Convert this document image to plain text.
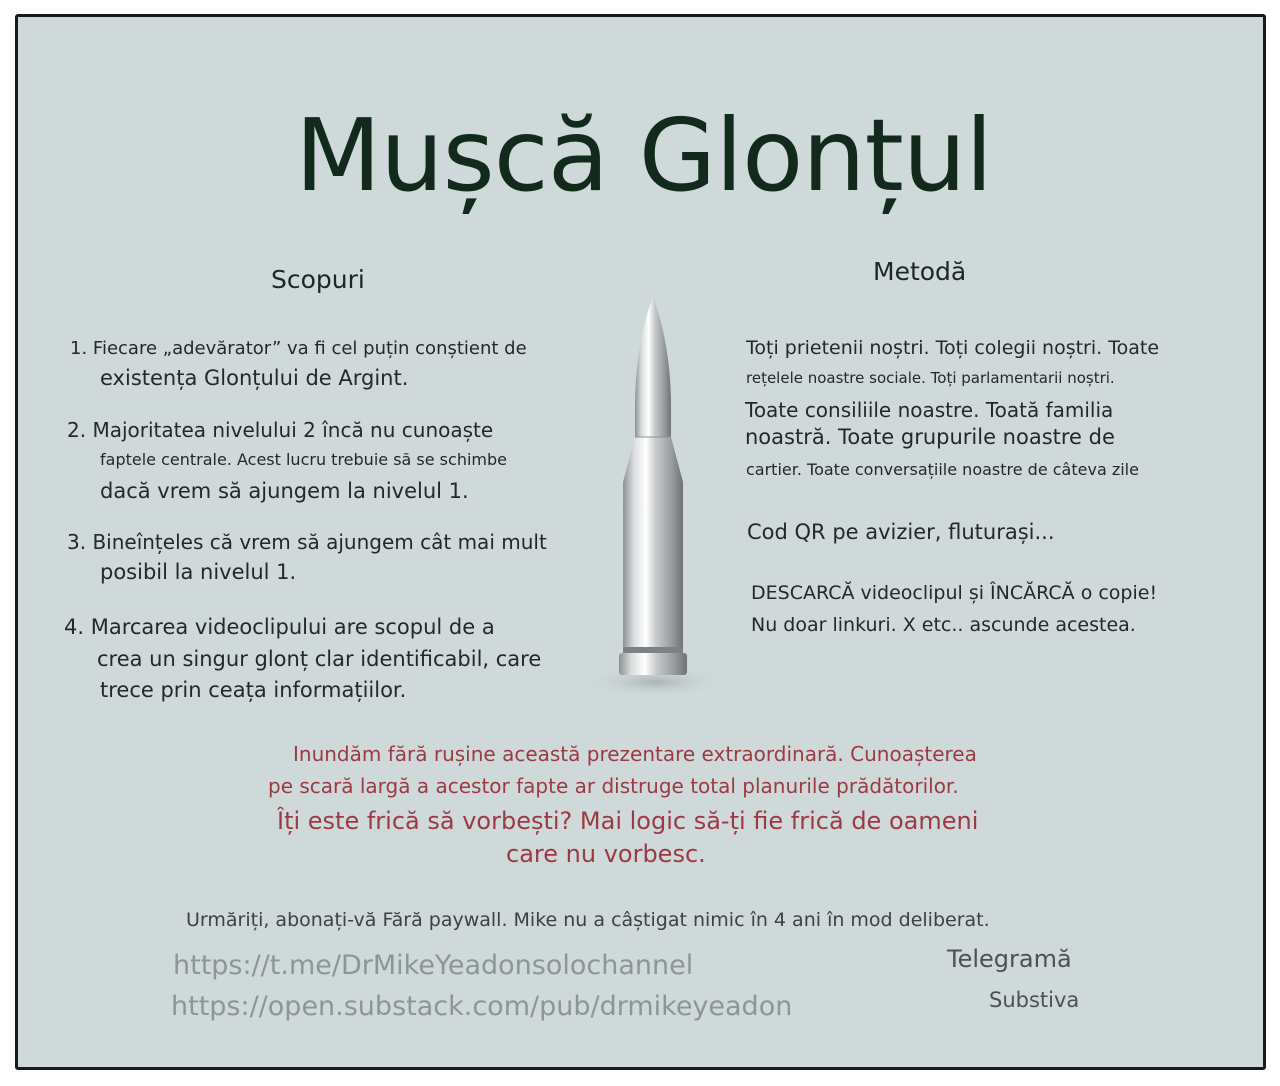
Mușcă Glonțul
Scopuri
1. Fiecare „adevărator” va fi cel puțin conștient de
existența Glonțului de Argint.
2. Majoritatea nivelului 2 încă nu cunoaște
faptele centrale. Acest lucru trebuie să se schimbe
dacă vrem să ajungem la nivelul 1.
3. Bineînțeles că vrem să ajungem cât mai mult
posibil la nivelul 1.
4. Marcarea videoclipului are scopul de a
crea un singur glonț clar identificabil, care
trece prin ceața informațiilor.
Metodă
Toți prietenii noștri. Toți colegii noștri. Toate
rețelele noastre sociale. Toți parlamentarii noștri.
Toate consiliile noastre. Toată familia
noastră. Toate grupurile noastre de
cartier. Toate conversațiile noastre de câteva zile
Cod QR pe avizier, fluturași...
DESCARCĂ videoclipul și ÎNCĂRCĂ o copie!
Nu doar linkuri. X etc.. ascunde acestea.
Inundăm fără rușine această prezentare extraordinară. Cunoașterea
pe scară largă a acestor fapte ar distruge total planurile prădătorilor.
Îți este frică să vorbești? Mai logic să-ți fie frică de oameni
care nu vorbesc.
Urmăriți, abonați-vă Fără paywall. Mike nu a câștigat nimic în 4 ani în mod deliberat.
https://t.me/DrMikeYeadonsolochannel
https://open.substack.com/pub/drmikeyeadon
Telegramă
Substiva
